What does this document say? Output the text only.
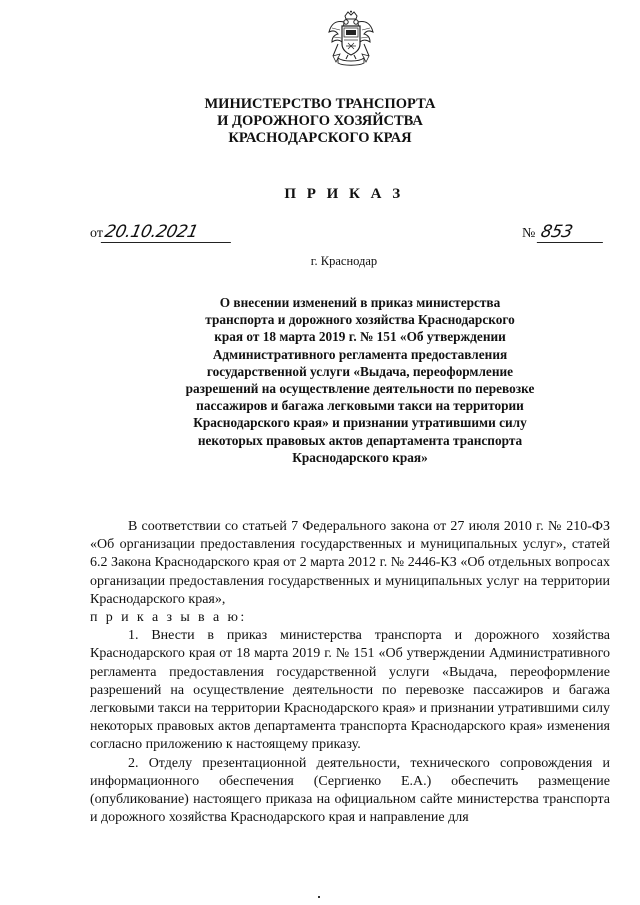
МИНИСТЕРСТВО ТРАНСПОРТА
И ДОРОЖНОГО ХОЗЯЙСТВА
КРАСНОДАРСКОГО КРАЯ
П Р И К А З
от20.10.2021	№ 853
г. Краснодар
О внесении изменений в приказ министерства
транспорта и дорожного хозяйства Краснодарского
края от 18 марта 2019 г. № 151 «Об утверждении
Административного регламента предоставления
государственной услуги «Выдача, переоформление
разрешений на осуществление деятельности по перевозке
пассажиров и багажа легковыми такси на территории
Краснодарского края» и признании утратившими силу
некоторых правовых актов департамента транспорта
Краснодарского края»

В соответствии со статьей 7 Федерального закона от 27 июля 2010 г. № 210-ФЗ «Об организации предоставления государственных и муниципальных услуг», статей 6.2 Закона Краснодарского края от 2 марта 2012 г. № 2446-КЗ «Об отдельных вопросах организации предоставления государственных и муниципальных услуг на территории Краснодарского края»,

п р и к а з ы в а ю:

1. Внести в приказ министерства транспорта и дорожного хозяйства Краснодарского края от 18 марта 2019 г. № 151 «Об утверждении Административного регламента предоставления государственной услуги «Выдача, переоформление разрешений на осуществление деятельности по перевозке пассажиров и багажа легковыми такси на территории Краснодарского края» и признании утратившими силу некоторых правовых актов департамента транспорта Краснодарского края» изменения согласно приложению к настоящему приказу.

2. Отделу презентационной деятельности, технического сопровождения и информационного обеспечения (Сергиенко Е.А.) обеспечить размещение (опубликование) настоящего приказа на официальном сайте министерства транспорта и дорожного хозяйства Краснодарского края и направление для
